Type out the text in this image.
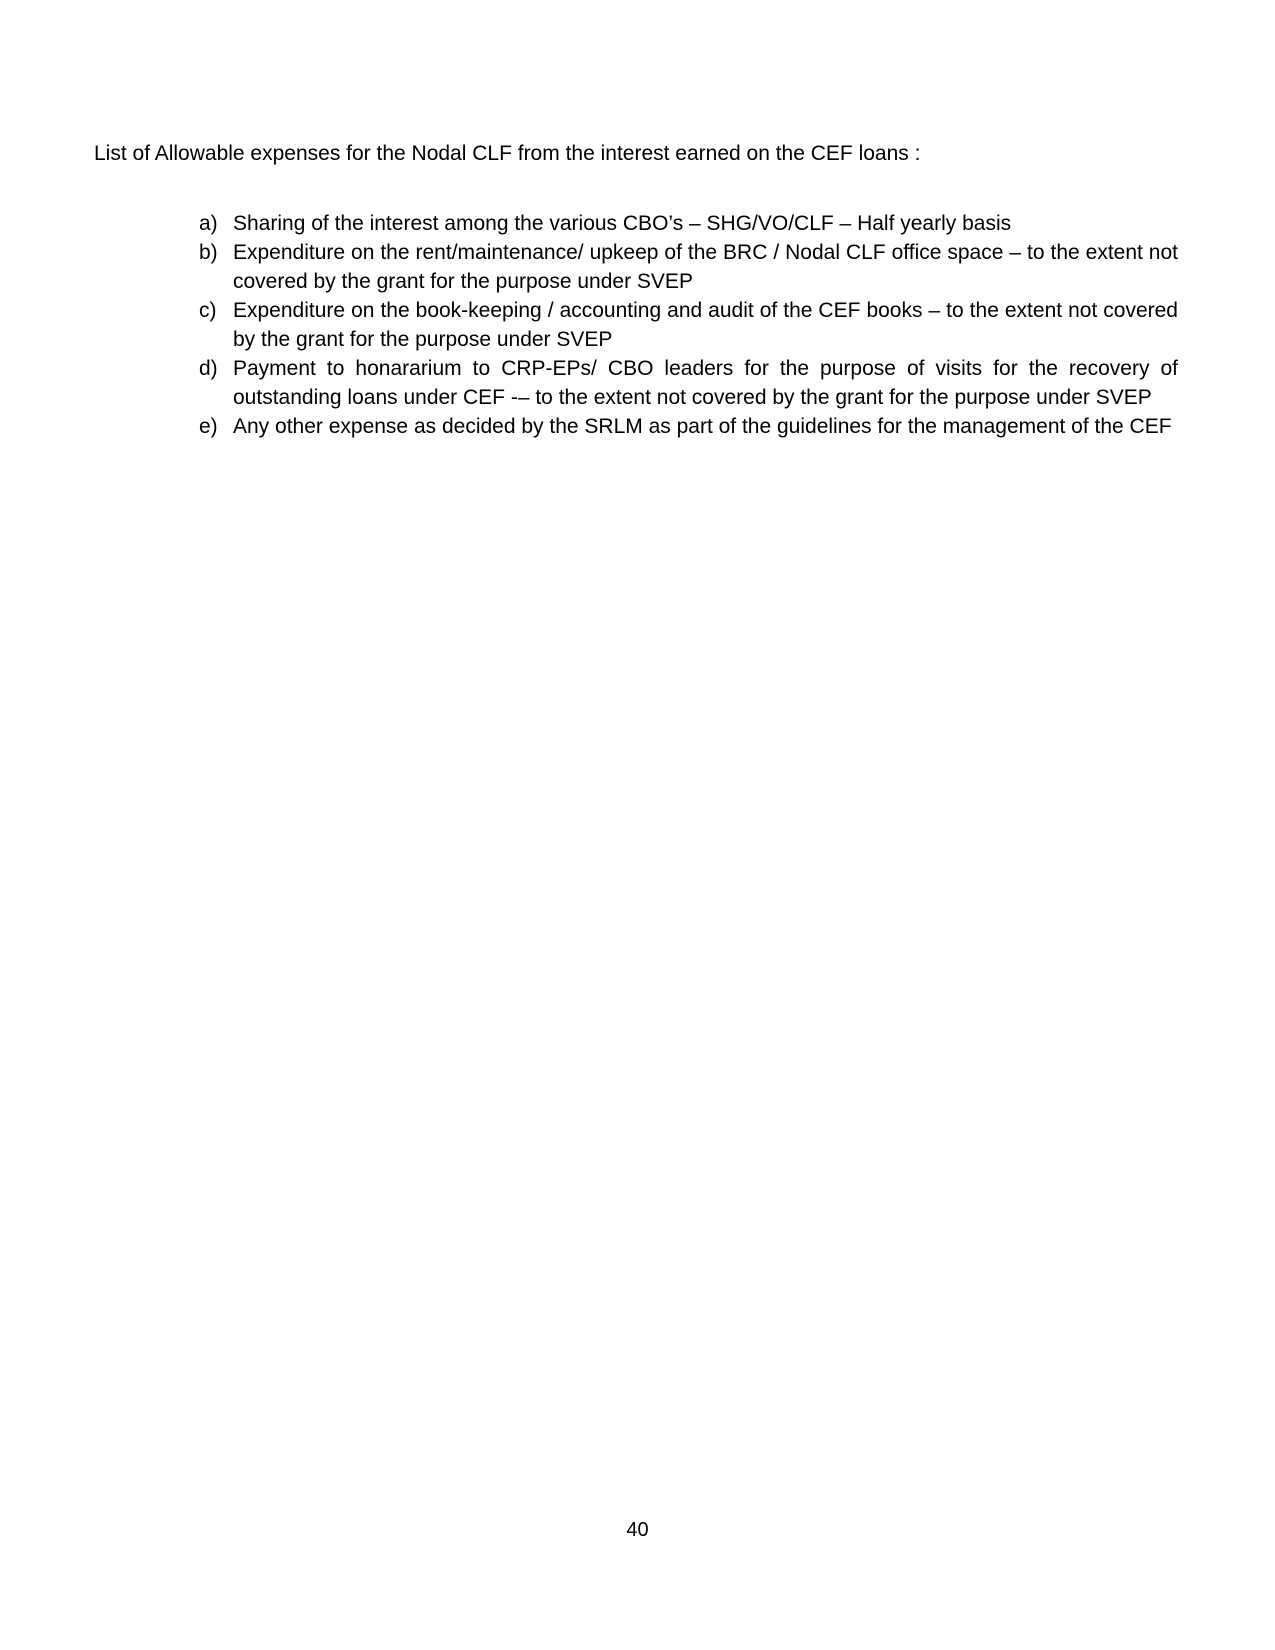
List of Allowable expenses for the Nodal CLF from the interest earned on the CEF loans :

a) Sharing of the interest among the various CBO’s – SHG/VO/CLF – Half yearly basis
b) Expenditure on the rent/maintenance/ upkeep of the BRC / Nodal CLF office space – to the extent not covered by the grant for the purpose under SVEP
c) Expenditure on the book-keeping / accounting and audit of the CEF books – to the extent not covered by the grant for the purpose under SVEP
d) Payment to honararium to CRP-EPs/ CBO leaders for the purpose of visits for the recovery of outstanding loans under CEF -– to the extent not covered by the grant for the purpose under SVEP
e) Any other expense as decided by the SRLM as part of the guidelines for the management of the CEF
40
